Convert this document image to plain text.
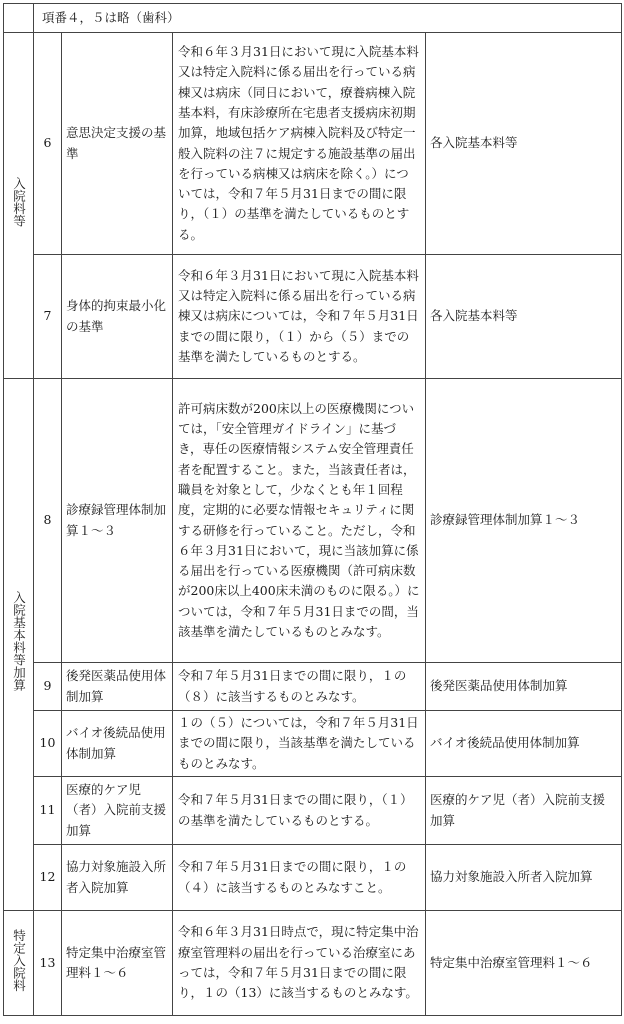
	項番４，５は略（歯科）			
入院料等	6	意思決定支援の基準	令和６年３月31日において現に入院基本料又は特定入院料に係る届出を行っている病棟又は病床（同日において，療養病棟入院基本料，有床診療所在宅患者支援病床初期加算，地域包括ケア病棟入院料及び特定一般入院料の注７に規定する施設基準の届出を行っている病棟又は病床を除く。）については，令和７年５月31日までの間に限り，（１）の基準を満たしているものとする。	各入院基本料等
	7	身体的拘束最小化の基準	令和６年３月31日において現に入院基本料又は特定入院料に係る届出を行っている病棟又は病床については，令和７年５月31日までの間に限り，（１）から（５）までの基準を満たしているものとする。	各入院基本料等
入院基本料等加算	8	診療録管理体制加算１～３	許可病床数が200床以上の医療機関については，「安全管理ガイドライン」に基づき，専任の医療情報システム安全管理責任者を配置すること。また，当該責任者は，職員を対象として，少なくとも年１回程度，定期的に必要な情報セキュリティに関する研修を行っていること。ただし，令和６年３月31日において，現に当該加算に係る届出を行っている医療機関（許可病床数が200床以上400床未満のものに限る。）については，令和７年５月31日までの間，当該基準を満たしているものとみなす。	診療録管理体制加算１～３
	9	後発医薬品使用体制加算	令和７年５月31日までの間に限り，１の（８）に該当するものとみなす。	後発医薬品使用体制加算
	10	バイオ後続品使用体制加算	１の（５）については，令和７年５月31日までの間に限り，当該基準を満たしているものとみなす。	バイオ後続品使用体制加算
	11	医療的ケア児（者）入院前支援加算	令和７年５月31日までの間に限り，（１）の基準を満たしているものとする。	医療的ケア児（者）入院前支援加算
	12	協力対象施設入所者入院加算	令和７年５月31日までの間に限り，１の（４）に該当するものとみなすこと。	協力対象施設入所者入院加算
特定入院料	13	特定集中治療室管理料１～６	令和６年３月31日時点で，現に特定集中治療室管理料の届出を行っている治療室にあっては，令和７年５月31日までの間に限り，１の（13）に該当するものとみなす。	特定集中治療室管理料１～６
